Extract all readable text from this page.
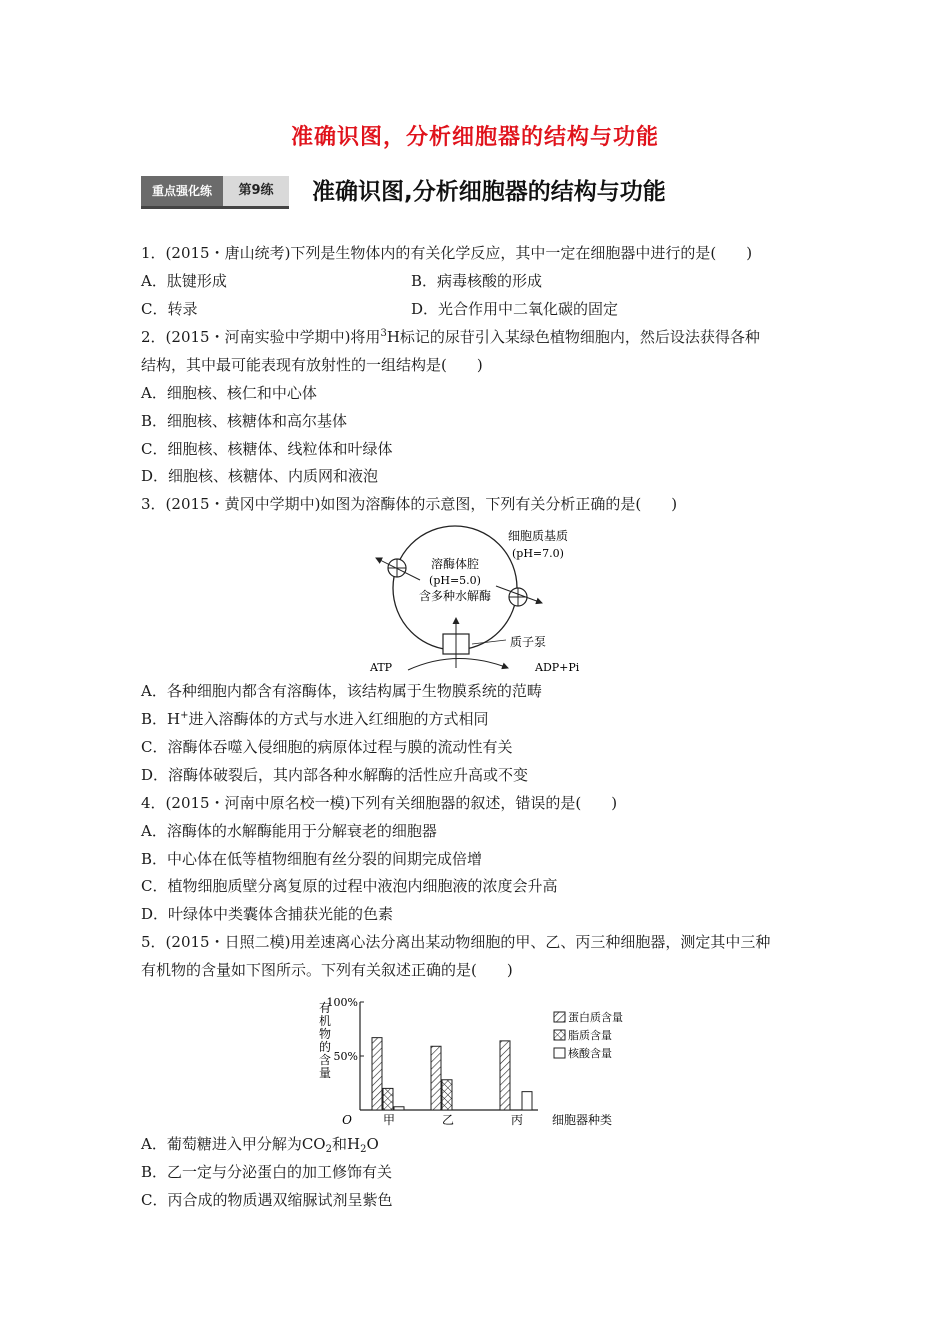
准确识图，分析细胞器的结构与功能
重点强化练	第9练	准确识图,分析细胞器的结构与功能
1．(2015・唐山统考)下列是生物体内的有关化学反应，其中一定在细胞器中进行的是(　　)
A．肽键形成	B．病毒核酸的形成
C．转录	D．光合作用中二氧化碳的固定
2．(2015・河南实验中学期中)将用$^3$H标记的尿苷引入某绿色植物细胞内，然后设法获得各种
结构，其中最可能表现有放射性的一组结构是(　　)
A．细胞核、核仁和中心体
B．细胞核、核糖体和高尔基体
C．细胞核、核糖体、线粒体和叶绿体
D．细胞核、核糖体、内质网和液泡
3．(2015・黄冈中学期中)如图为溶酶体的示意图，下列有关分析正确的是(　　)
溶酶体腔
(pH=5.0)
含多种水解酶
细胞质基质
(pH=7.0)
质子泵
ATP	ADP+Pi
A．各种细胞内都含有溶酶体，该结构属于生物膜系统的范畴
B．H+进入溶酶体的方式与水进入红细胞的方式相同
C．溶酶体吞噬入侵细胞的病原体过程与膜的流动性有关
D．溶酶体破裂后，其内部各种水解酶的活性应升高或不变
4．(2015・河南中原名校一模)下列有关细胞器的叙述，错误的是(　　)
A．溶酶体的水解酶能用于分解衰老的细胞器
B．中心体在低等植物细胞有丝分裂的间期完成倍增
C．植物细胞质壁分离复原的过程中液泡内细胞液的浓度会升高
D．叶绿体中类囊体含捕获光能的色素
5．(2015・日照二模)用差速离心法分离出某动物细胞的甲、乙、丙三种细胞器，测定其中三种
有机物的含量如下图所示。下列有关叙述正确的是(　　)
100%
50%
O
有
机
物
的
含
量
甲	乙	丙 细胞器种类
蛋白质含量
脂质含量
核酸含量
A．葡萄糖进入甲分解为$CO_2$和$H_2O$
B．乙一定与分泌蛋白的加工修饰有关
C．丙合成的物质遇双缩脲试剂呈紫色
